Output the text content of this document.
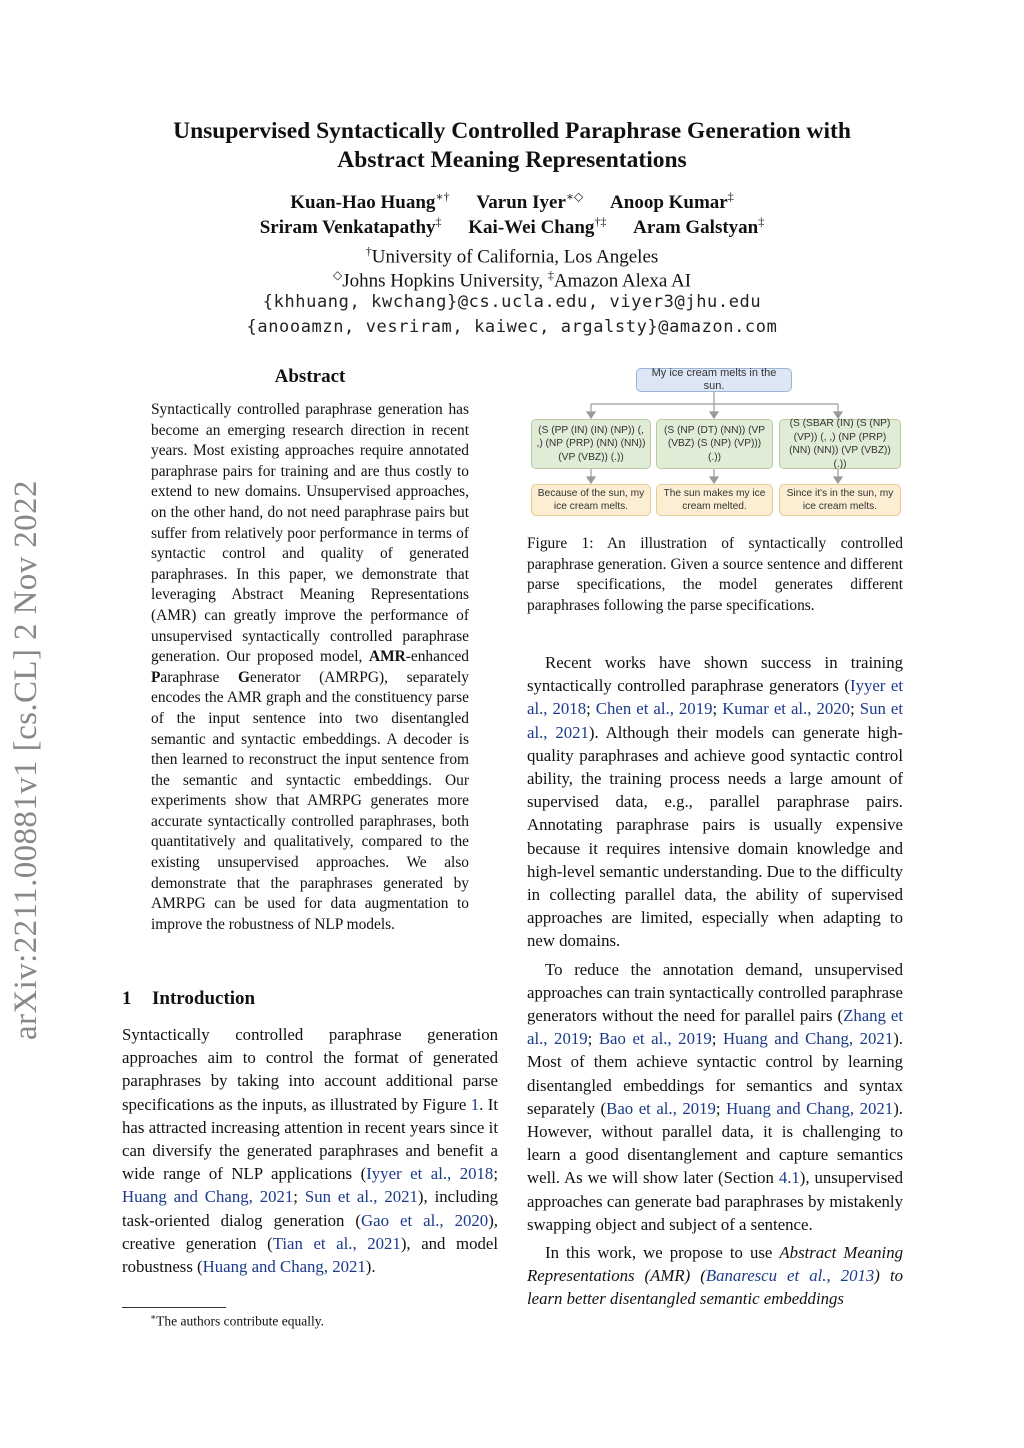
Unsupervised Syntactically Controlled Paraphrase Generation with
Abstract Meaning Representations
Kuan-Hao Huang∗† Varun Iyer∗◇ Anoop Kumar‡
Sriram Venkatapathy‡ Kai-Wei Chang†‡ Aram Galstyan‡
†University of California, Los Angeles
◇Johns Hopkins University, ‡Amazon Alexa AI
{khhuang, kwchang}@cs.ucla.edu, viyer3@jhu.edu
{anooamzn, vesriram, kaiwec, argalsty}@amazon.com
arXiv:2211.00881v1 [cs.CL] 2 Nov 2022
Abstract
Syntactically controlled paraphrase generation has become an emerging research direction in recent years. Most existing approaches require annotated paraphrase pairs for training and are thus costly to extend to new domains. Unsupervised approaches, on the other hand, do not need paraphrase pairs but suffer from relatively poor performance in terms of syntactic control and quality of generated paraphrases. In this paper, we demonstrate that leveraging Abstract Meaning Representations (AMR) can greatly improve the performance of unsupervised syntactically controlled paraphrase generation. Our proposed model, AMR-enhanced Paraphrase Generator (AMRPG), separately encodes the AMR graph and the constituency parse of the input sentence into two disentangled semantic and syntactic embeddings. A decoder is then learned to reconstruct the input sentence from the semantic and syntactic embeddings. Our experiments show that AMRPG generates more accurate syntactically controlled paraphrases, both quantitatively and qualitatively, compared to the existing unsupervised approaches. We also demonstrate that the paraphrases generated by AMRPG can be used for data augmentation to improve the robustness of NLP models.
1 Introduction

Syntactically controlled paraphrase generation approaches aim to control the format of generated paraphrases by taking into account additional parse specifications as the inputs, as illustrated by Figure 1. It has attracted increasing attention in recent years since it can diversify the generated paraphrases and benefit a wide range of NLP applications (Iyyer et al., 2018; Huang and Chang, 2021; Sun et al., 2021), including task-oriented dialog generation (Gao et al., 2020), creative generation (Tian et al., 2021), and model robustness (Huang and Chang, 2021).

∗The authors contribute equally.
My ice cream melts in the sun.
(S (PP (IN) (IN) (NP)) (, ,) (NP (PRP) (NN) (NN)) (VP (VBZ)) (.))
(S (NP (DT) (NN)) (VP (VBZ) (S (NP) (VP))) (.))
(S (SBAR (IN) (S (NP) (VP)) (, ,) (NP (PRP) (NN) (NN)) (VP (VBZ)) (.))
Because of the sun, my ice cream melts.
The sun makes my ice cream melted.
Since it's in the sun, my ice cream melts.
Figure 1: An illustration of syntactically controlled paraphrase generation. Given a source sentence and different parse specifications, the model generates different paraphrases following the parse specifications.

Recent works have shown success in training syntactically controlled paraphrase generators (Iyyer et al., 2018; Chen et al., 2019; Kumar et al., 2020; Sun et al., 2021). Although their models can generate high-quality paraphrases and achieve good syntactic control ability, the training process needs a large amount of supervised data, e.g., parallel paraphrase pairs. Annotating paraphrase pairs is usually expensive because it requires intensive domain knowledge and high-level semantic understanding. Due to the difficulty in collecting parallel data, the ability of supervised approaches are limited, especially when adapting to new domains.

To reduce the annotation demand, unsupervised approaches can train syntactically controlled paraphrase generators without the need for parallel pairs (Zhang et al., 2019; Bao et al., 2019; Huang and Chang, 2021). Most of them achieve syntactic control by learning disentangled embeddings for semantics and syntax separately (Bao et al., 2019; Huang and Chang, 2021). However, without parallel data, it is challenging to learn a good disentanglement and capture semantics well. As we will show later (Section 4.1), unsupervised approaches can generate bad paraphrases by mistakenly swapping object and subject of a sentence.

In this work, we propose to use Abstract Meaning Representations (AMR) (Banarescu et al., 2013) to learn better disentangled semantic embeddings
